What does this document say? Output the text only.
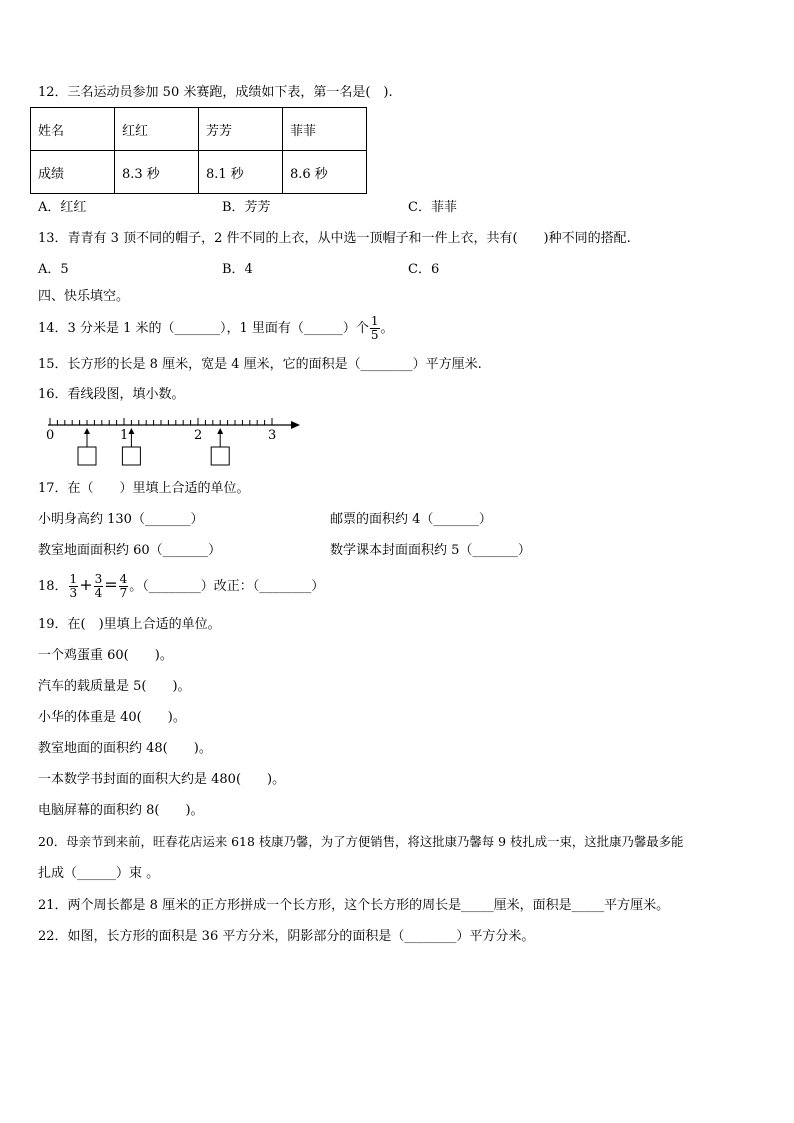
12．三名运动员参加 50 米赛跑，成绩如下表，第一名是(　).
姓名	红红	芳芳	菲菲
成绩	8.3 秒	8.1 秒	8.6 秒
A．红红	B．芳芳	C．菲菲
13．青青有 3 顶不同的帽子，2 件不同的上衣，从中选一顶帽子和一件上衣，共有(　　)种不同的搭配.
A．5	B．4	C．6
四、快乐填空。
14．3 分米是 1 米的（_______），1 里面有（______）个 $\frac{1}{5}$ 。
15．长方形的长是 8 厘米，宽是 4 厘米，它的面积是（________）平方厘米.
16．看线段图，填小数。
0	1	2	3
17．在（　　）里填上合适的单位。
小明身高约 130（_______）	邮票的面积约 4（_______）
教室地面面积约 60（_______）	数学课本封面面积约 5（_______）
18． $\frac{1}{3} + \frac{3}{4} = \frac{4}{7}$ 。（________）改正：（________）
19．在(　)里填上合适的单位。
一个鸡蛋重 60(　　)。
汽车的载质量是 5(　　)。
小华的体重是 40(　　)。
教室地面的面积约 48(　　)。
一本数学书封面的面积大约是 480(　　)。
电脑屏幕的面积约 8(　　)。
20．母亲节到来前，旺春花店运来 618 枝康乃馨，为了方便销售，将这批康乃馨每 9 枝扎成一束，这批康乃馨最多能
扎成（______）束 。
21．两个周长都是 8 厘米的正方形拼成一个长方形，这个长方形的周长是_____厘米，面积是_____平方厘米。
22．如图，长方形的面积是 36 平方分米，阴影部分的面积是（________）平方分米。
